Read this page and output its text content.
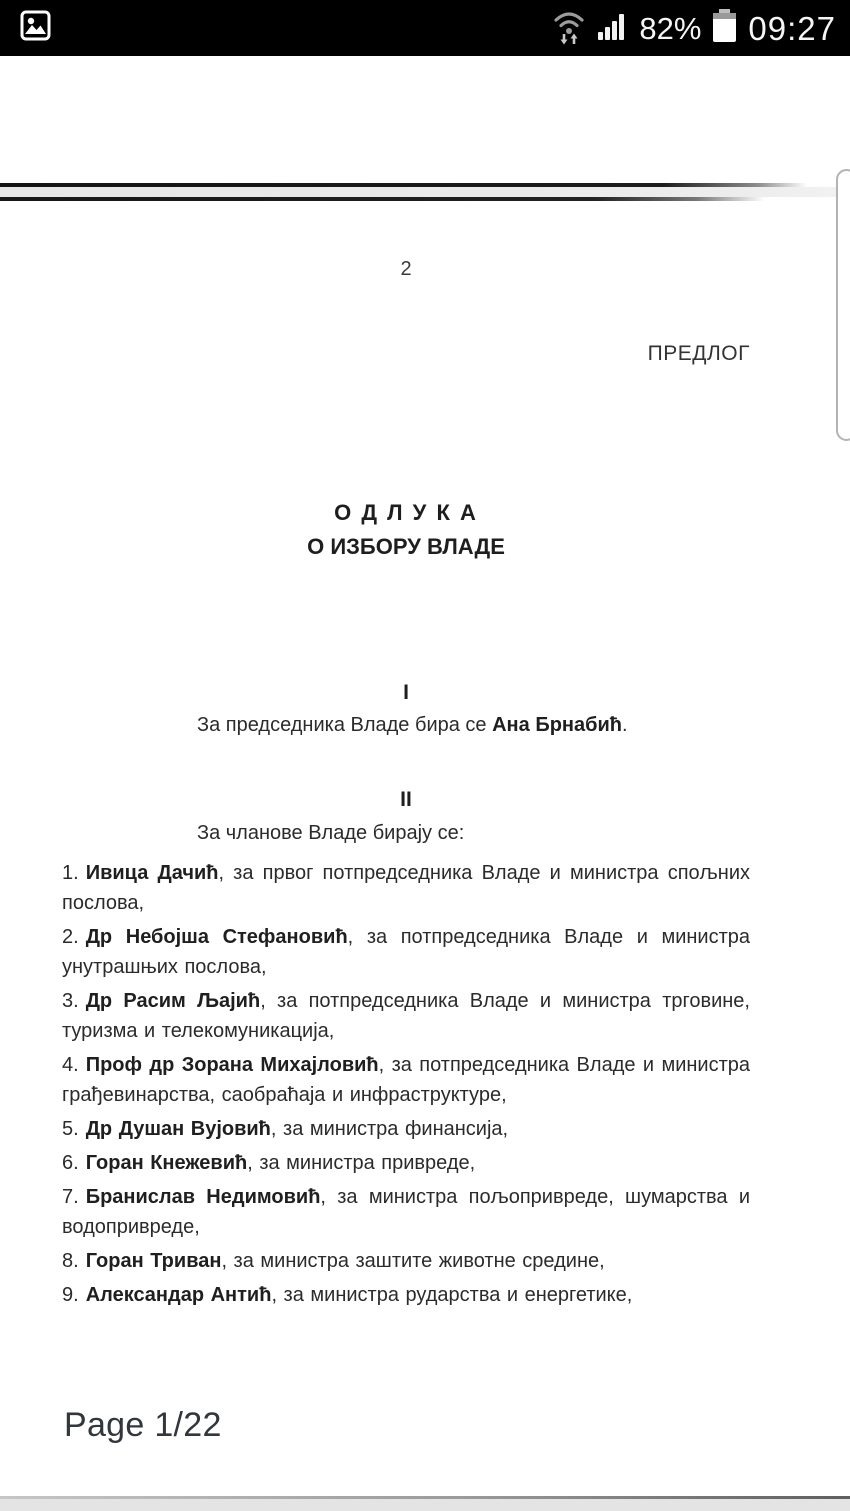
82% 09:27
2
ПРЕДЛОГ
О Д Л У К А
О ИЗБОРУ ВЛАДЕ
I
За председника Владе бира се Ана Брнабић.
II
За чланове Владе бирају се:
1. Ивица Дачић, за првог потпредседника Владе и министра спољних послова,
2. Др Небојша Стефановић, за потпредседника Владе и министра унутрашњих послова,
3. Др Расим Љајић, за потпредседника Владе и министра трговине, туризма и телекомуникација,
4. Проф др Зорана Михајловић, за потпредседника Владе и министра грађевинарства, саобраћаја и инфраструктуре,
5. Др Душан Вујовић, за министра финансија,
6. Горан Кнежевић, за министра привреде,
7. Бранислав Недимовић, за министра пољопривреде, шумарства и водопривреде,
8. Горан Триван, за министра заштите животне средине,
9. Александар Антић, за министра рударства и енергетике,
Page 1/22
